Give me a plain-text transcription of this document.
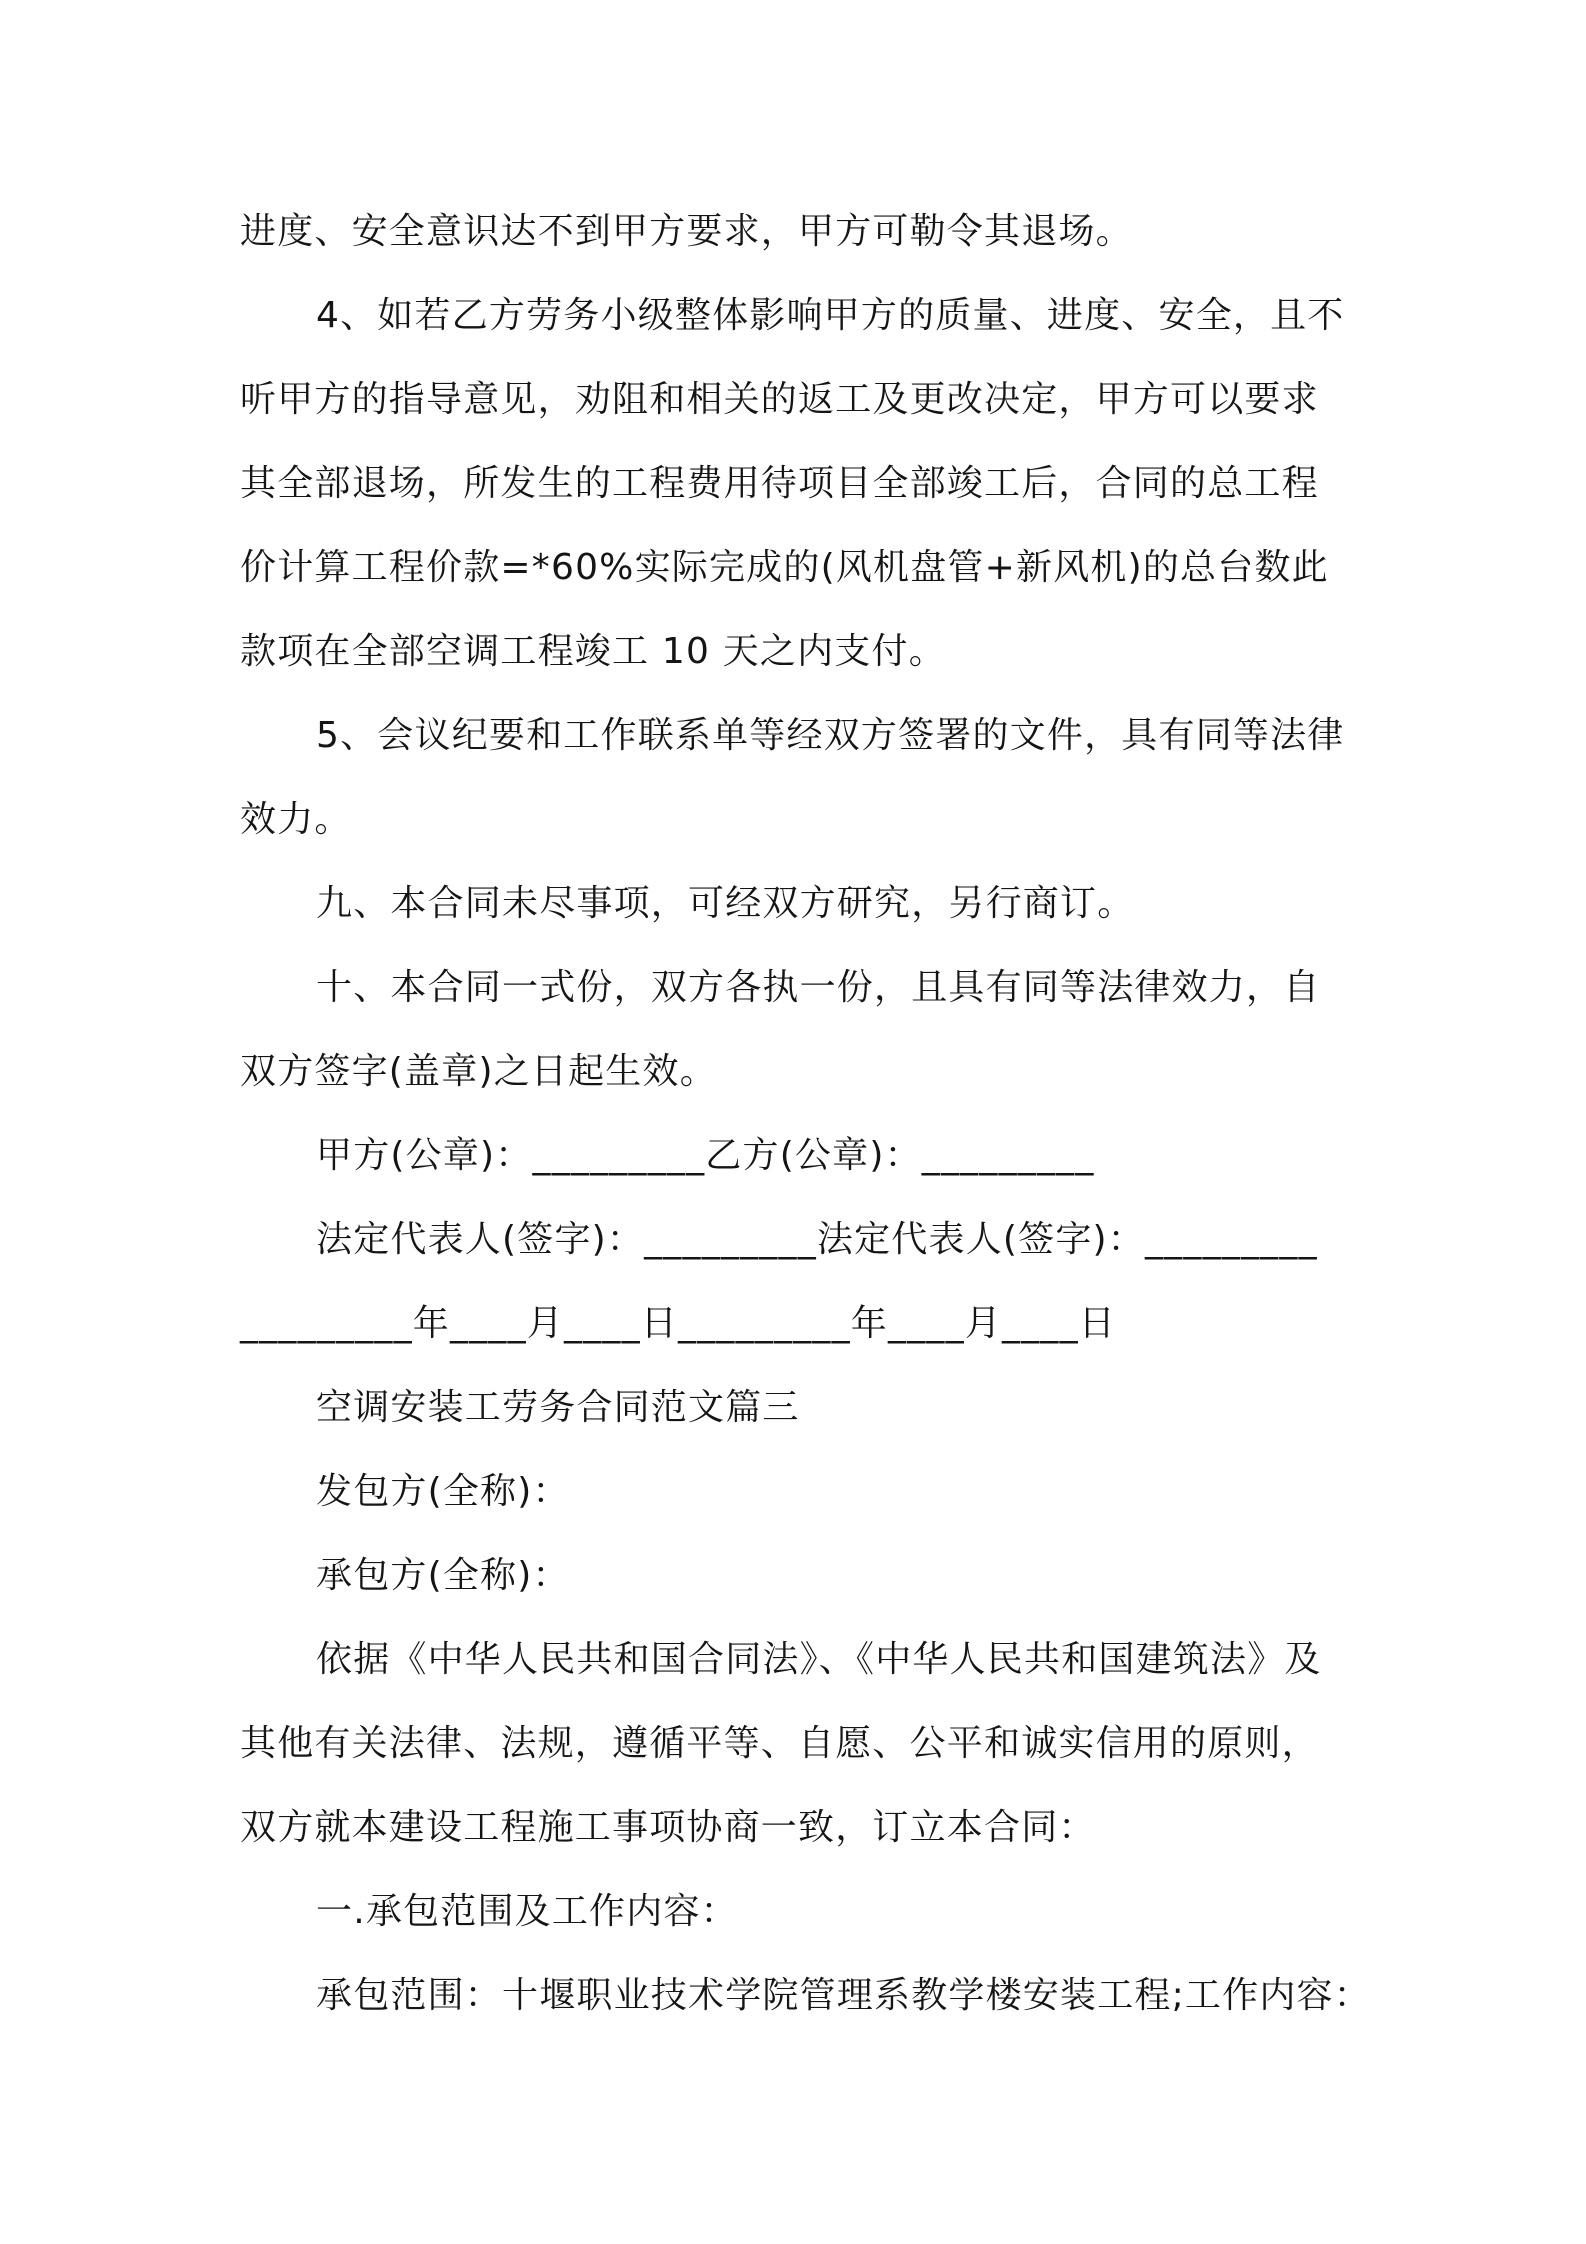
进度、安全意识达不到甲方要求，甲方可勒令其退场。

4、如若乙方劳务小级整体影响甲方的质量、进度、安全，且不听甲方的指导意见，劝阻和相关的返工及更改决定，甲方可以要求其全部退场，所发生的工程费用待项目全部竣工后，合同的总工程价计算工程价款=*60%实际完成的(风机盘管+新风机)的总台数此款项在全部空调工程竣工 10 天之内支付。

5、会议纪要和工作联系单等经双方签署的文件，具有同等法律效力。

九、本合同未尽事项，可经双方研究，另行商订。

十、本合同一式份，双方各执一份，且具有同等法律效力，自双方签字(盖章)之日起生效。

甲方(公章)：_________乙方(公章)：_________

法定代表人(签字)：_________法定代表人(签字)：_________

_________年____月____日_________年____月____日

空调安装工劳务合同范文篇三

发包方(全称)：

承包方(全称)：

依据《中华人民共和国合同法》、《中华人民共和国建筑法》及其他有关法律、法规，遵循平等、自愿、公平和诚实信用的原则，双方就本建设工程施工事项协商一致，订立本合同：

一.承包范围及工作内容：

承包范围：十堰职业技术学院管理系教学楼安装工程;工作内容：
